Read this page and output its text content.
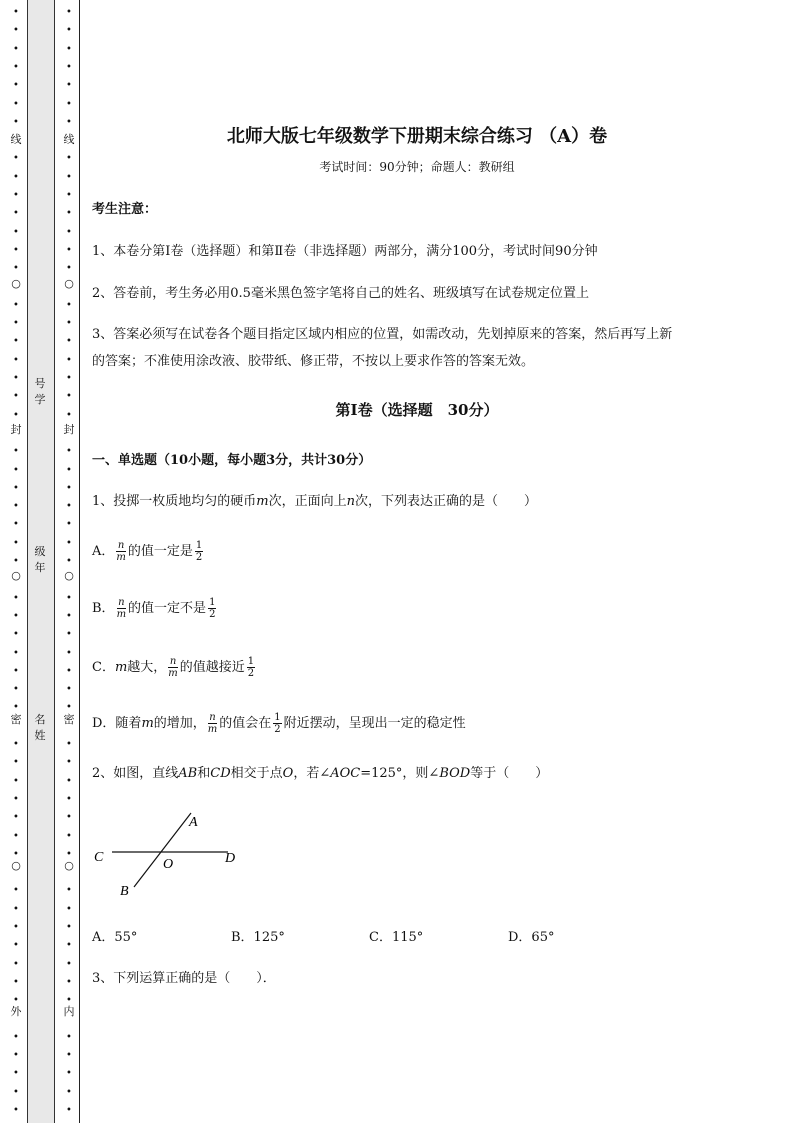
•
•
•
•
•
•
•
•
•
•
•
•
•
•
•
•
•
•
•
•
•
•
•
•
•
•
•
•
•
•
•
•
•
•
•
•
•
•
•
•
•
•
•
•
•
•
•
•
•
•
•
•
•
•
线
○
封
○
密
○
外
•
•
•
•
•
•
•
•
•
•
•
•
•
•
•
•
•
•
•
•
•
•
•
•
•
•
•
•
•
•
•
•
•
•
•
•
•
•
•
•
•
•
•
•
•
•
•
•
•
•
•
•
•
•
线
○
封
○
密
○
内
号
学
级
年
名
姓
北师大版七年级数学下册期末综合练习 （A）卷
考试时间：90分钟；命题人：教研组
考生注意：
1、本卷分第I卷（选择题）和第Ⅱ卷（非选择题）两部分，满分100分，考试时间90分钟
2、答卷前，考生务必用0.5毫米黑色签字笔将自己的姓名、班级填写在试卷规定位置上
3、答案必须写在试卷各个题目指定区域内相应的位置，如需改动，先划掉原来的答案，然后再写上新
的答案；不准使用涂改液、胶带纸、修正带，不按以上要求作答的答案无效。
第I卷（选择题　30分）
一、单选题（10小题，每小题3分，共计30分）
1、投掷一枚质地均匀的硬币m次，正面向上n次，下列表达正确的是（　　）
A． $\frac{n}{m}$ 的值一定是 $\frac{1}{2}$
B． $\frac{n}{m}$ 的值一定不是 $\frac{1}{2}$
C．m越大， $\frac{n}{m}$ 的值越接近 $\frac{1}{2}$
D．随着m的增加， $\frac{n}{m}$ 的值会在 $\frac{1}{2}$ 附近摆动，呈现出一定的稳定性
2、如图，直线AB和CD相交于点O，若∠AOC=125°，则∠BOD等于（　　）
A
B
C	D
O
A．55°	B．125°	C．115°	D．65°
3、下列运算正确的是（　　）．
